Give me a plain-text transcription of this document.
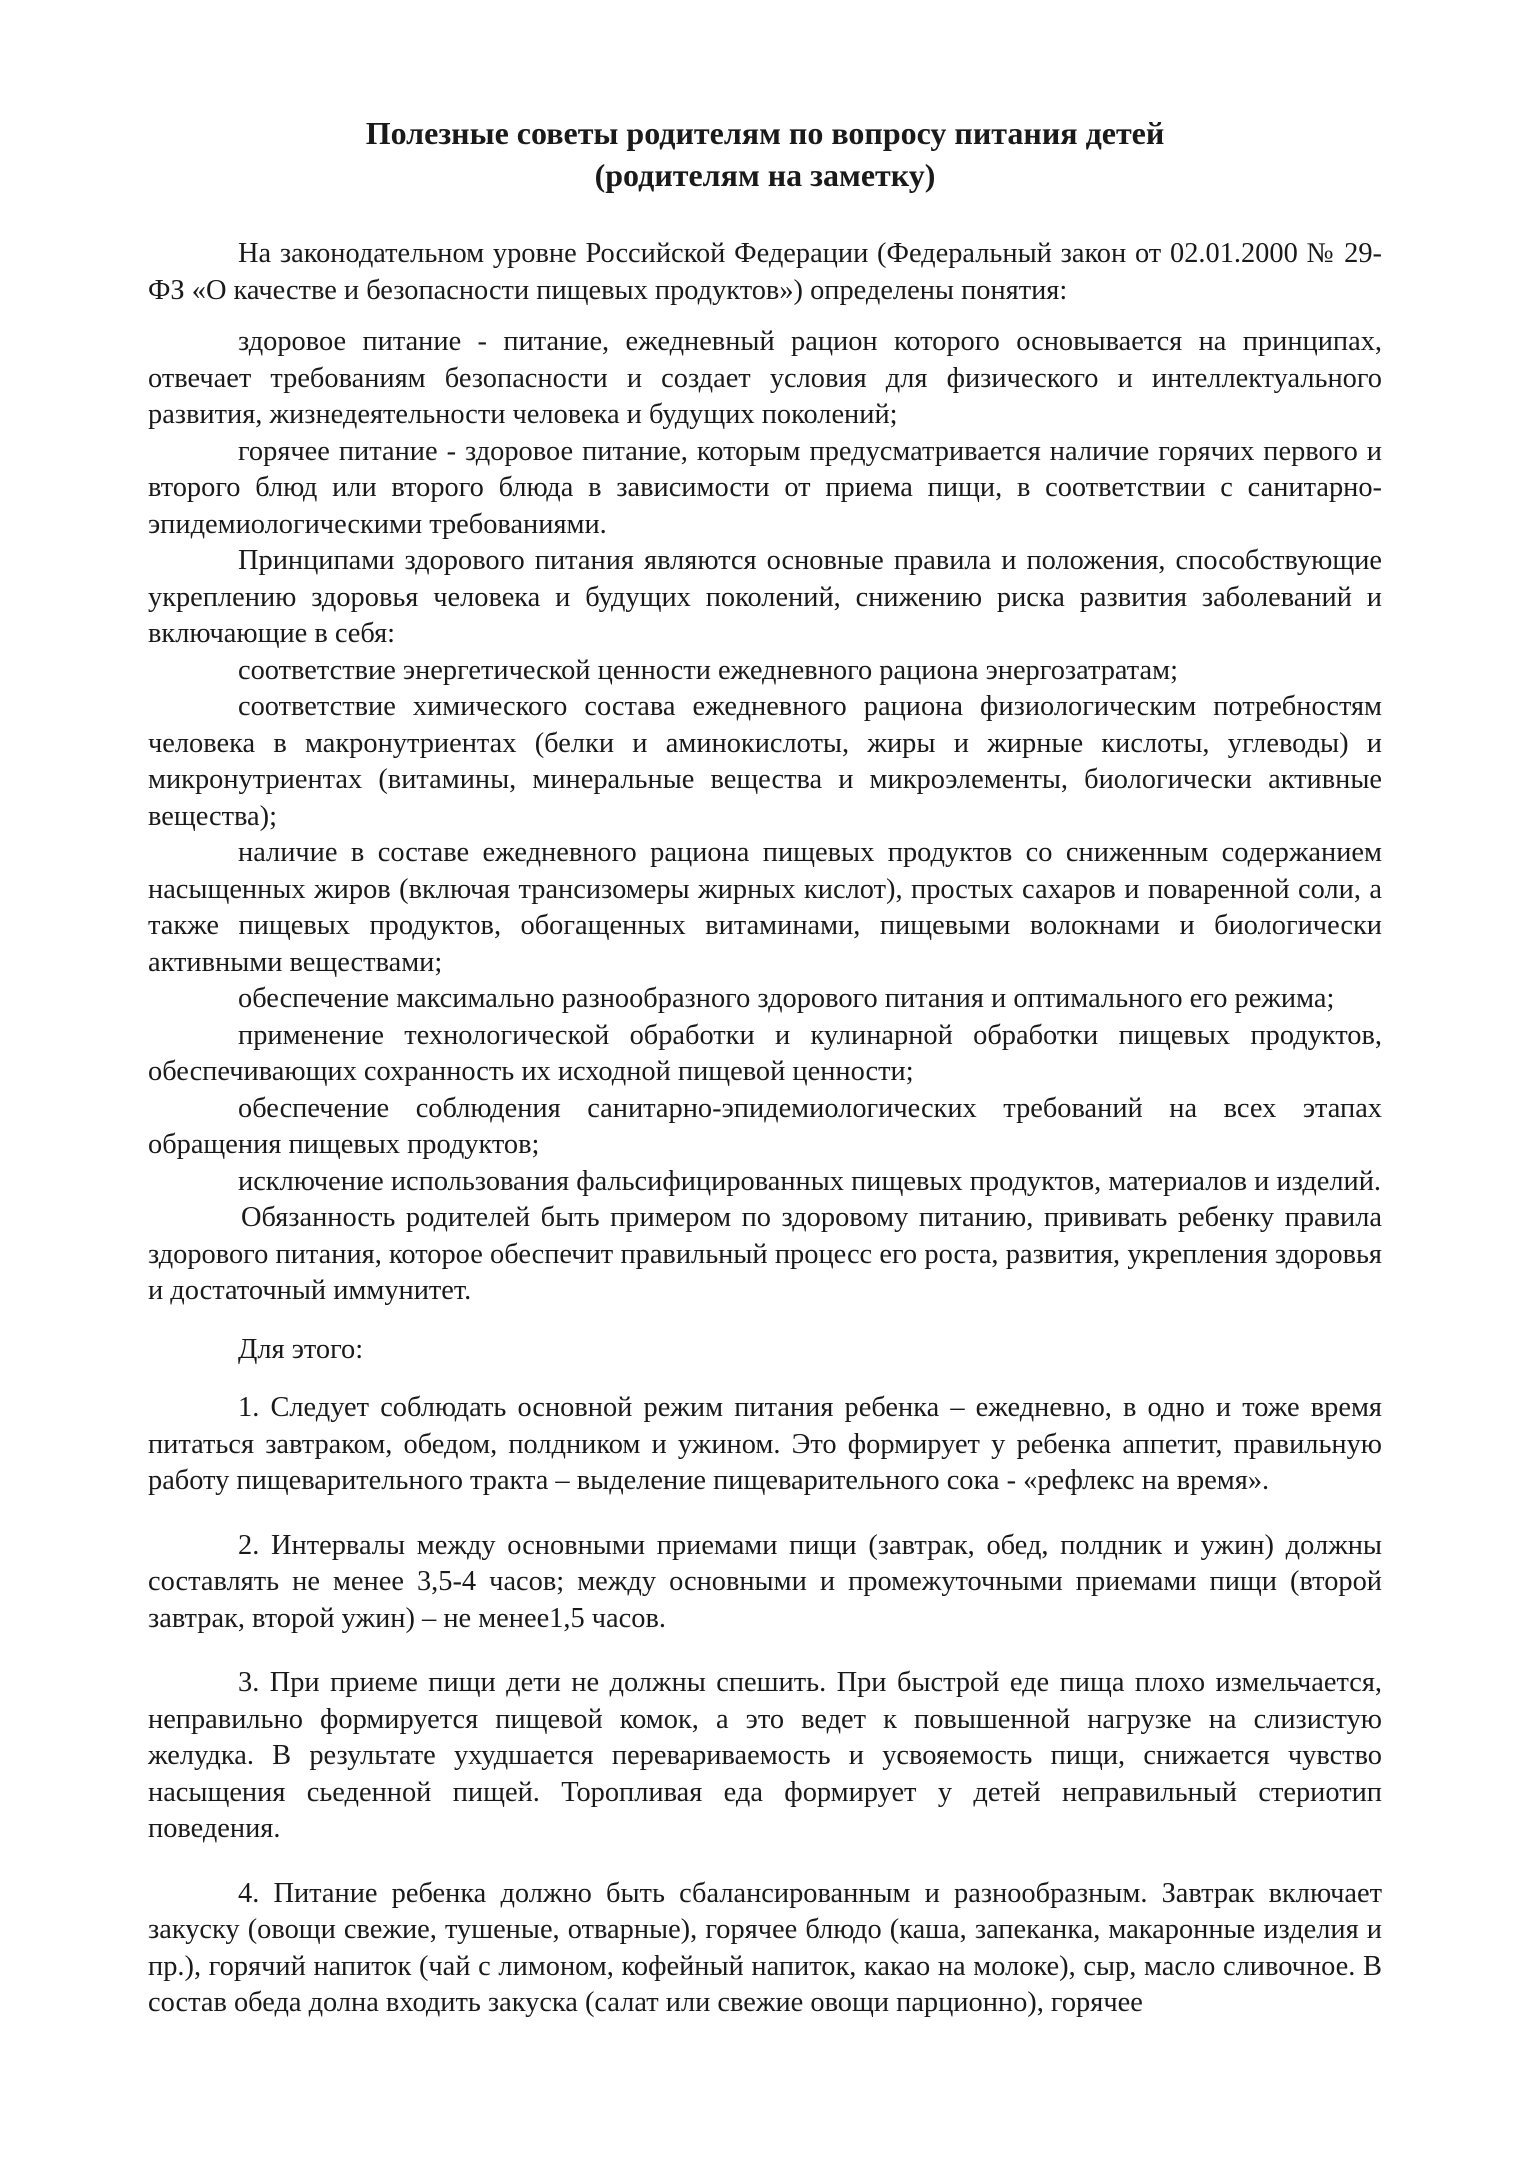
Полезные советы родителям по вопросу питания детей
(родителям на заметку)

На законодательном уровне Российской Федерации (Федеральный закон от 02.01.2000 № 29-ФЗ «О качестве и безопасности пищевых продуктов») определены понятия:

здоровое питание - питание, ежедневный рацион которого основывается на принципах, отвечает требованиям безопасности и создает условия для физического и интеллектуального развития, жизнедеятельности человека и будущих поколений;

горячее питание - здоровое питание, которым предусматривается наличие горячих первого и второго блюд или второго блюда в зависимости от приема пищи, в соответствии с санитарно-эпидемиологическими требованиями.

Принципами здорового питания являются основные правила и положения, способствующие укреплению здоровья человека и будущих поколений, снижению риска развития заболеваний и включающие в себя:

соответствие энергетической ценности ежедневного рациона энергозатратам;

соответствие химического состава ежедневного рациона физиологическим потребностям человека в макронутриентах (белки и аминокислоты, жиры и жирные кислоты, углеводы) и микронутриентах (витамины, минеральные вещества и микроэлементы, биологически активные вещества);

наличие в составе ежедневного рациона пищевых продуктов со сниженным содержанием насыщенных жиров (включая трансизомеры жирных кислот), простых сахаров и поваренной соли, а также пищевых продуктов, обогащенных витаминами, пищевыми волокнами и биологически активными веществами;

обеспечение максимально разнообразного здорового питания и оптимального его режима;

применение технологической обработки и кулинарной обработки пищевых продуктов, обеспечивающих сохранность их исходной пищевой ценности;

обеспечение соблюдения санитарно-эпидемиологических требований на всех этапах обращения пищевых продуктов;

исключение использования фальсифицированных пищевых продуктов, материалов и изделий.

Обязанность родителей быть примером по здоровому питанию, прививать ребенку правила здорового питания, которое обеспечит правильный процесс его роста, развития, укрепления здоровья и достаточный иммунитет.

Для этого:

1. Следует соблюдать основной режим питания ребенка – ежедневно, в одно и тоже время питаться завтраком, обедом, полдником и ужином. Это формирует у ребенка аппетит, правильную работу пищеварительного тракта – выделение пищеварительного сока - «рефлекс на время».

2. Интервалы между основными приемами пищи (завтрак, обед, полдник и ужин) должны составлять не менее 3,5-4 часов; между основными и промежуточными приемами пищи (второй завтрак, второй ужин) – не менее1,5 часов.

3. При приеме пищи дети не должны спешить. При быстрой еде пища плохо измельчается, неправильно формируется пищевой комок, а это ведет к повышенной нагрузке на слизистую желудка. В результате ухудшается перевариваемость и усвояемость пищи, снижается чувство насыщения сьеденной пищей. Торопливая еда формирует у детей неправильный стериотип поведения.

4. Питание ребенка должно быть сбалансированным и разнообразным. Завтрак включает закуску (овощи свежие, тушеные, отварные), горячее блюдо (каша, запеканка, макаронные изделия и пр.), горячий напиток (чай с лимоном, кофейный напиток, какао на молоке), сыр, масло сливочное. В состав обеда долна входить закуска (салат или свежие овощи парционно), горячее
